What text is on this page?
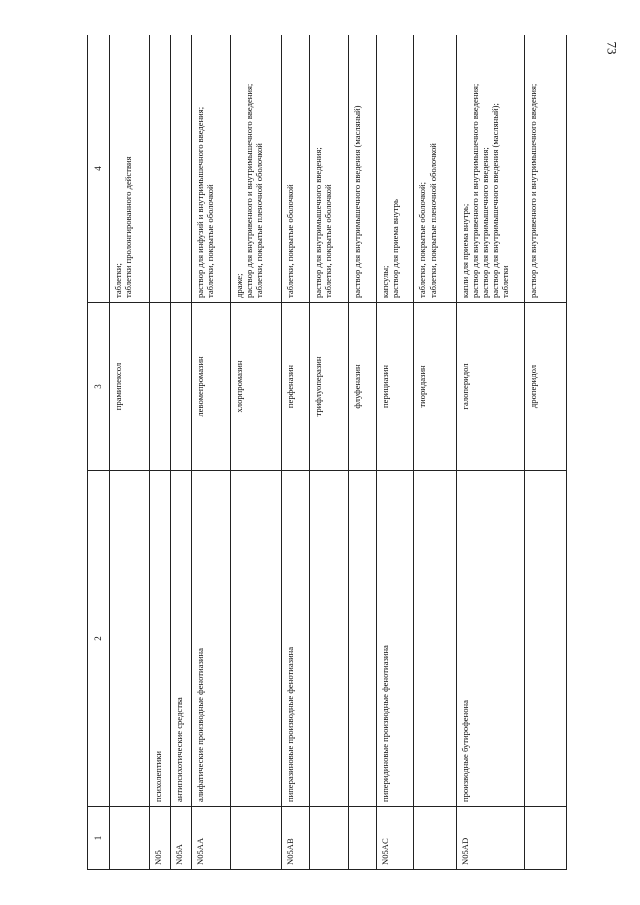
73
1	2	3	4
		прамипексол	таблетки;
таблетки пролонгированного действия
N05	психолептики		
N05A	антипсихотические средства		
N05AA	алифатические производные фенотиазина	левомепромазин	раствор для инфузий и внутримышечного введения;
таблетки, покрытые оболочкой
		хлорпромазин	драже;
раствор для внутривенного и внутримышечного введения;
таблетки, покрытые пленочной оболочкой
N05AB	пиперазиновые производные фенотиазина	перфеназин	таблетки, покрытые оболочкой
		трифлуоперазин	раствор для внутримышечного введения;
таблетки, покрытые оболочкой
		флуфеназин	раствор для внутримышечного введения (масляный)
N05AC	пиперидиновые производные фенотиазина	перициазин	капсулы;
раствор для приема внутрь
		тиоридазин	таблетки, покрытые оболочкой;
таблетки, покрытые пленочной оболочкой
N05AD	производные бутирофенона	галоперидол	капли для приема внутрь;
раствор для внутривенного и внутримышечного введения;
раствор для внутримышечного введения;
раствор для внутримышечного введения (масляный);
таблетки
		дроперидол	раствор для внутривенного и внутримышечного введения;
